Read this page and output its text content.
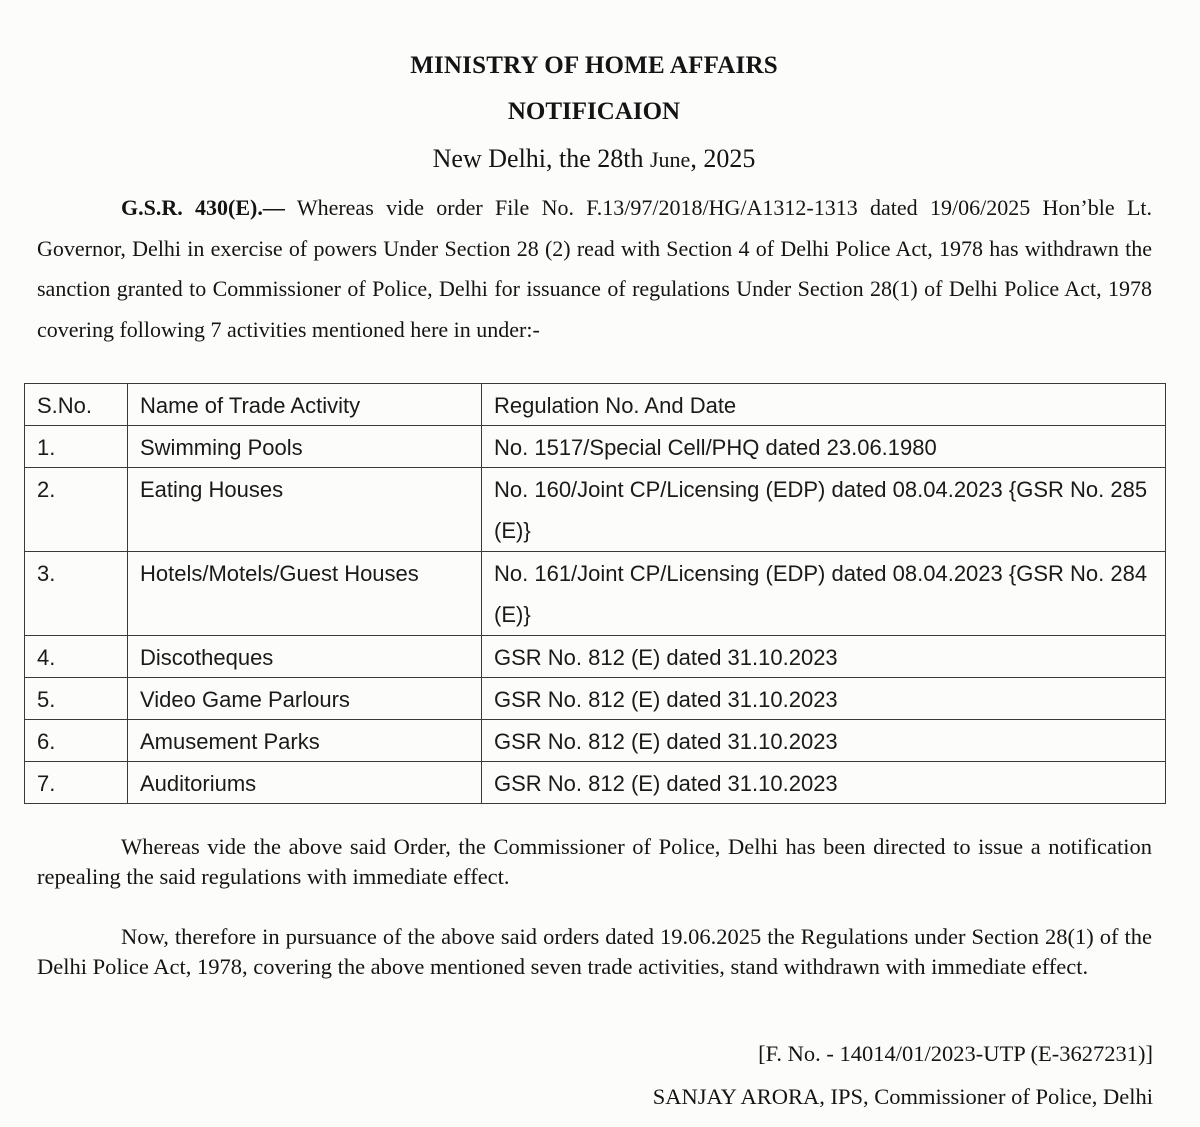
MINISTRY OF HOME AFFAIRS
NOTIFICAION
New Delhi, the 28th June, 2025
G.S.R. 430(E).— Whereas vide order File No. F.13/97/2018/HG/A1312-1313 dated 19/06/2025 Hon’ble Lt. Governor, Delhi in exercise of powers Under Section 28 (2) read with Section 4 of Delhi Police Act, 1978 has withdrawn the sanction granted to Commissioner of Police, Delhi for issuance of regulations Under Section 28(1) of Delhi Police Act, 1978 covering following 7 activities mentioned here in under:-
S.No.	Name of Trade Activity	Regulation No. And Date
1.	Swimming Pools	No. 1517/Special Cell/PHQ dated 23.06.1980
2.	Eating Houses	No. 160/Joint CP/Licensing (EDP) dated 08.04.2023 {GSR No. 285 (E)}
3.	Hotels/Motels/Guest Houses	No. 161/Joint CP/Licensing (EDP) dated 08.04.2023 {GSR No. 284 (E)}
4.	Discotheques	GSR No. 812 (E) dated 31.10.2023
5.	Video Game Parlours	GSR No. 812 (E) dated 31.10.2023
6.	Amusement Parks	GSR No. 812 (E) dated 31.10.2023
7.	Auditoriums	GSR No. 812 (E) dated 31.10.2023
Whereas vide the above said Order, the Commissioner of Police, Delhi has been directed to issue a notification repealing the said regulations with immediate effect.
Now, therefore in pursuance of the above said orders dated 19.06.2025 the Regulations under Section 28(1) of the Delhi Police Act, 1978, covering the above mentioned seven trade activities, stand withdrawn with immediate effect.
[F. No. - 14014/01/2023-UTP (E-3627231)]
SANJAY ARORA, IPS, Commissioner of Police, Delhi
